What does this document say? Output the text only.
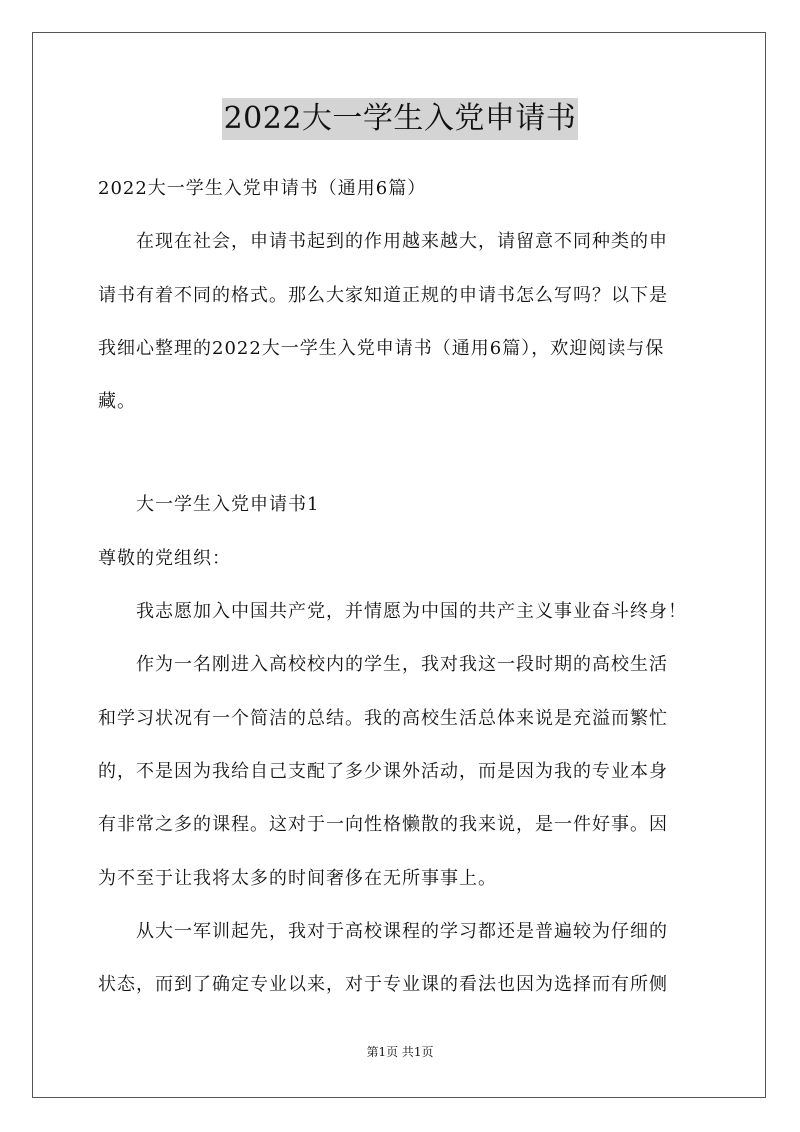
2022大一学生入党申请书
2022大一学生入党申请书（通用6篇）
在现在社会，申请书起到的作用越来越大，请留意不同种类的申
请书有着不同的格式。那么大家知道正规的申请书怎么写吗？以下是
我细心整理的2022大一学生入党申请书（通用6篇），欢迎阅读与保
藏。
大一学生入党申请书1
尊敬的党组织：
我志愿加入中国共产党，并情愿为中国的共产主义事业奋斗终身！
作为一名刚进入高校校内的学生，我对我这一段时期的高校生活
和学习状况有一个简洁的总结。我的高校生活总体来说是充溢而繁忙
的，不是因为我给自己支配了多少课外活动，而是因为我的专业本身
有非常之多的课程。这对于一向性格懒散的我来说，是一件好事。因
为不至于让我将太多的时间奢侈在无所事事上。
从大一军训起先，我对于高校课程的学习都还是普遍较为仔细的
状态，而到了确定专业以来，对于专业课的看法也因为选择而有所侧
第1页 共1页
